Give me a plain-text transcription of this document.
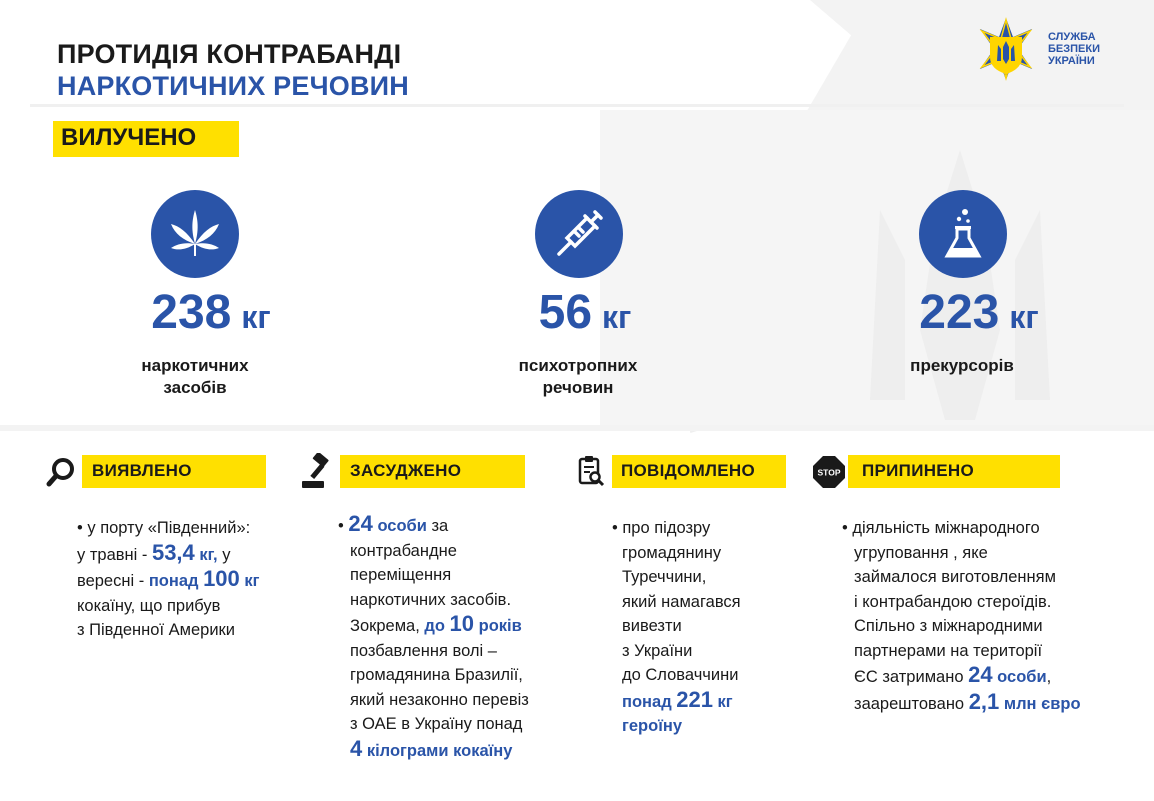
ПРОТИДІЯ КОНТРАБАНДІ
НАРКОТИЧНИХ РЕЧОВИН
СЛУЖБА
БЕЗПЕКИ
УКРАЇНИ
ВИЛУЧЕНО
238 кг
наркотичних
засобів
56 кг
психотропних
речовин
223 кг
прекурсорів
ВИЯВЛЕНО	ЗАСУДЖЕНО	ПОВІДОМЛЕНО	STOP ПРИПИНЕНО
• у порту «Південний»:
у травні - 53,4 кг, у
вересні - понад 100 кг
кокаїну, що прибув
з Південної Америки
• 24 особи за
контрабандне
переміщення
наркотичних засобів.
Зокрема, до 10 років
позбавлення волі –
громадянина Бразилії,
який незаконно перевіз
з ОАЕ в Україну понад
4 кілограми кокаїну
• про підозру
громадянину
Туреччини,
який намагався
вивезти
з України
до Словаччини
понад 221 кг
героїну
• діяльність міжнародного
угруповання , яке
займалося виготовленням
і контрабандою стероїдів.
Спільно з міжнародними
партнерами на території
ЄС затримано 24 особи,
заарештовано 2,1 млн євро
